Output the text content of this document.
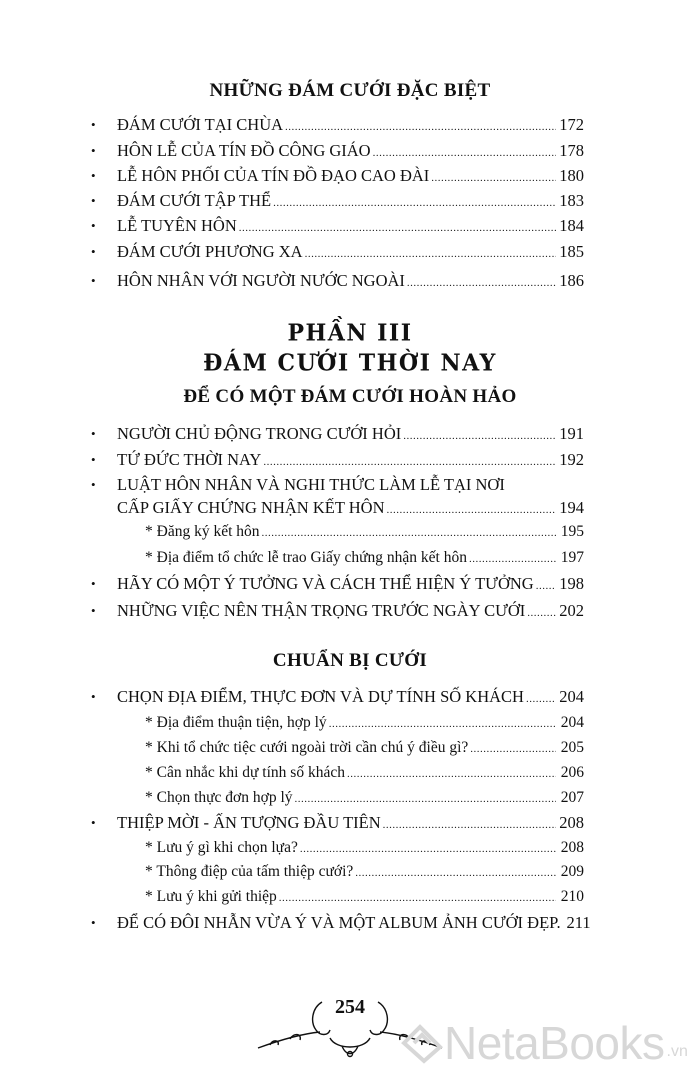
NHỮNG ĐÁM CƯỚI ĐẶC BIỆT
• ĐÁM CƯỚI TẠI CHÙA .....	172
• HÔN LỄ CỦA TÍN ĐỒ CÔNG GIÁO .....	178
• LỄ HÔN PHỐI CỦA TÍN ĐỒ ĐẠO CAO ĐÀI .....	180
• ĐÁM CƯỚI TẬP THỂ .....	183
• LỄ TUYÊN HÔN .....	184
• ĐÁM CƯỚI PHƯƠNG XA .....	185
• HÔN NHÂN VỚI NGƯỜI NƯỚC NGOÀI .....	186
PHẦN III
ĐÁM CƯỚI THỜI NAY
ĐỂ CÓ MỘT ĐÁM CƯỚI HOÀN HẢO
• NGƯỜI CHỦ ĐỘNG TRONG CƯỚI HỎI .....	191
• TỨ ĐỨC THỜI NAY .....	192
• LUẬT HÔN NHÂN VÀ NGHI THỨC LÀM LỄ TẠI NƠI
CẤP GIẤY CHỨNG NHẬN KẾT HÔN .....	194
* Đăng ký kết hôn .....	195
* Địa điểm tổ chức lễ trao Giấy chứng nhận kết hôn .....	197
• HÃY CÓ MỘT Ý TƯỞNG VÀ CÁCH THỂ HIỆN Ý TƯỞNG ..... 198
• NHỮNG VIỆC NÊN THẬN TRỌNG TRƯỚC NGÀY CƯỚI ..... 202
CHUẨN BỊ CƯỚI
• CHỌN ĐỊA ĐIỂM, THỰC ĐƠN VÀ DỰ TÍNH SỐ KHÁCH ..... 204
* Địa điểm thuận tiện, hợp lý .....	204
* Khi tổ chức tiệc cưới ngoài trời cần chú ý điều gì? .....	205
* Cân nhắc khi dự tính số khách .....	206
* Chọn thực đơn hợp lý .....	207
• THIỆP MỜI - ẤN TƯỢNG ĐẦU TIÊN .....	208
* Lưu ý gì khi chọn lựa? .....	208
* Thông điệp của tấm thiệp cưới? .....	209
* Lưu ý khi gửi thiệp .....	210
• ĐỂ CÓ ĐÔI NHẪN VỪA Ý VÀ MỘT ALBUM ẢNH CƯỚI ĐẸP. 211
254
NetaBooks .vn
